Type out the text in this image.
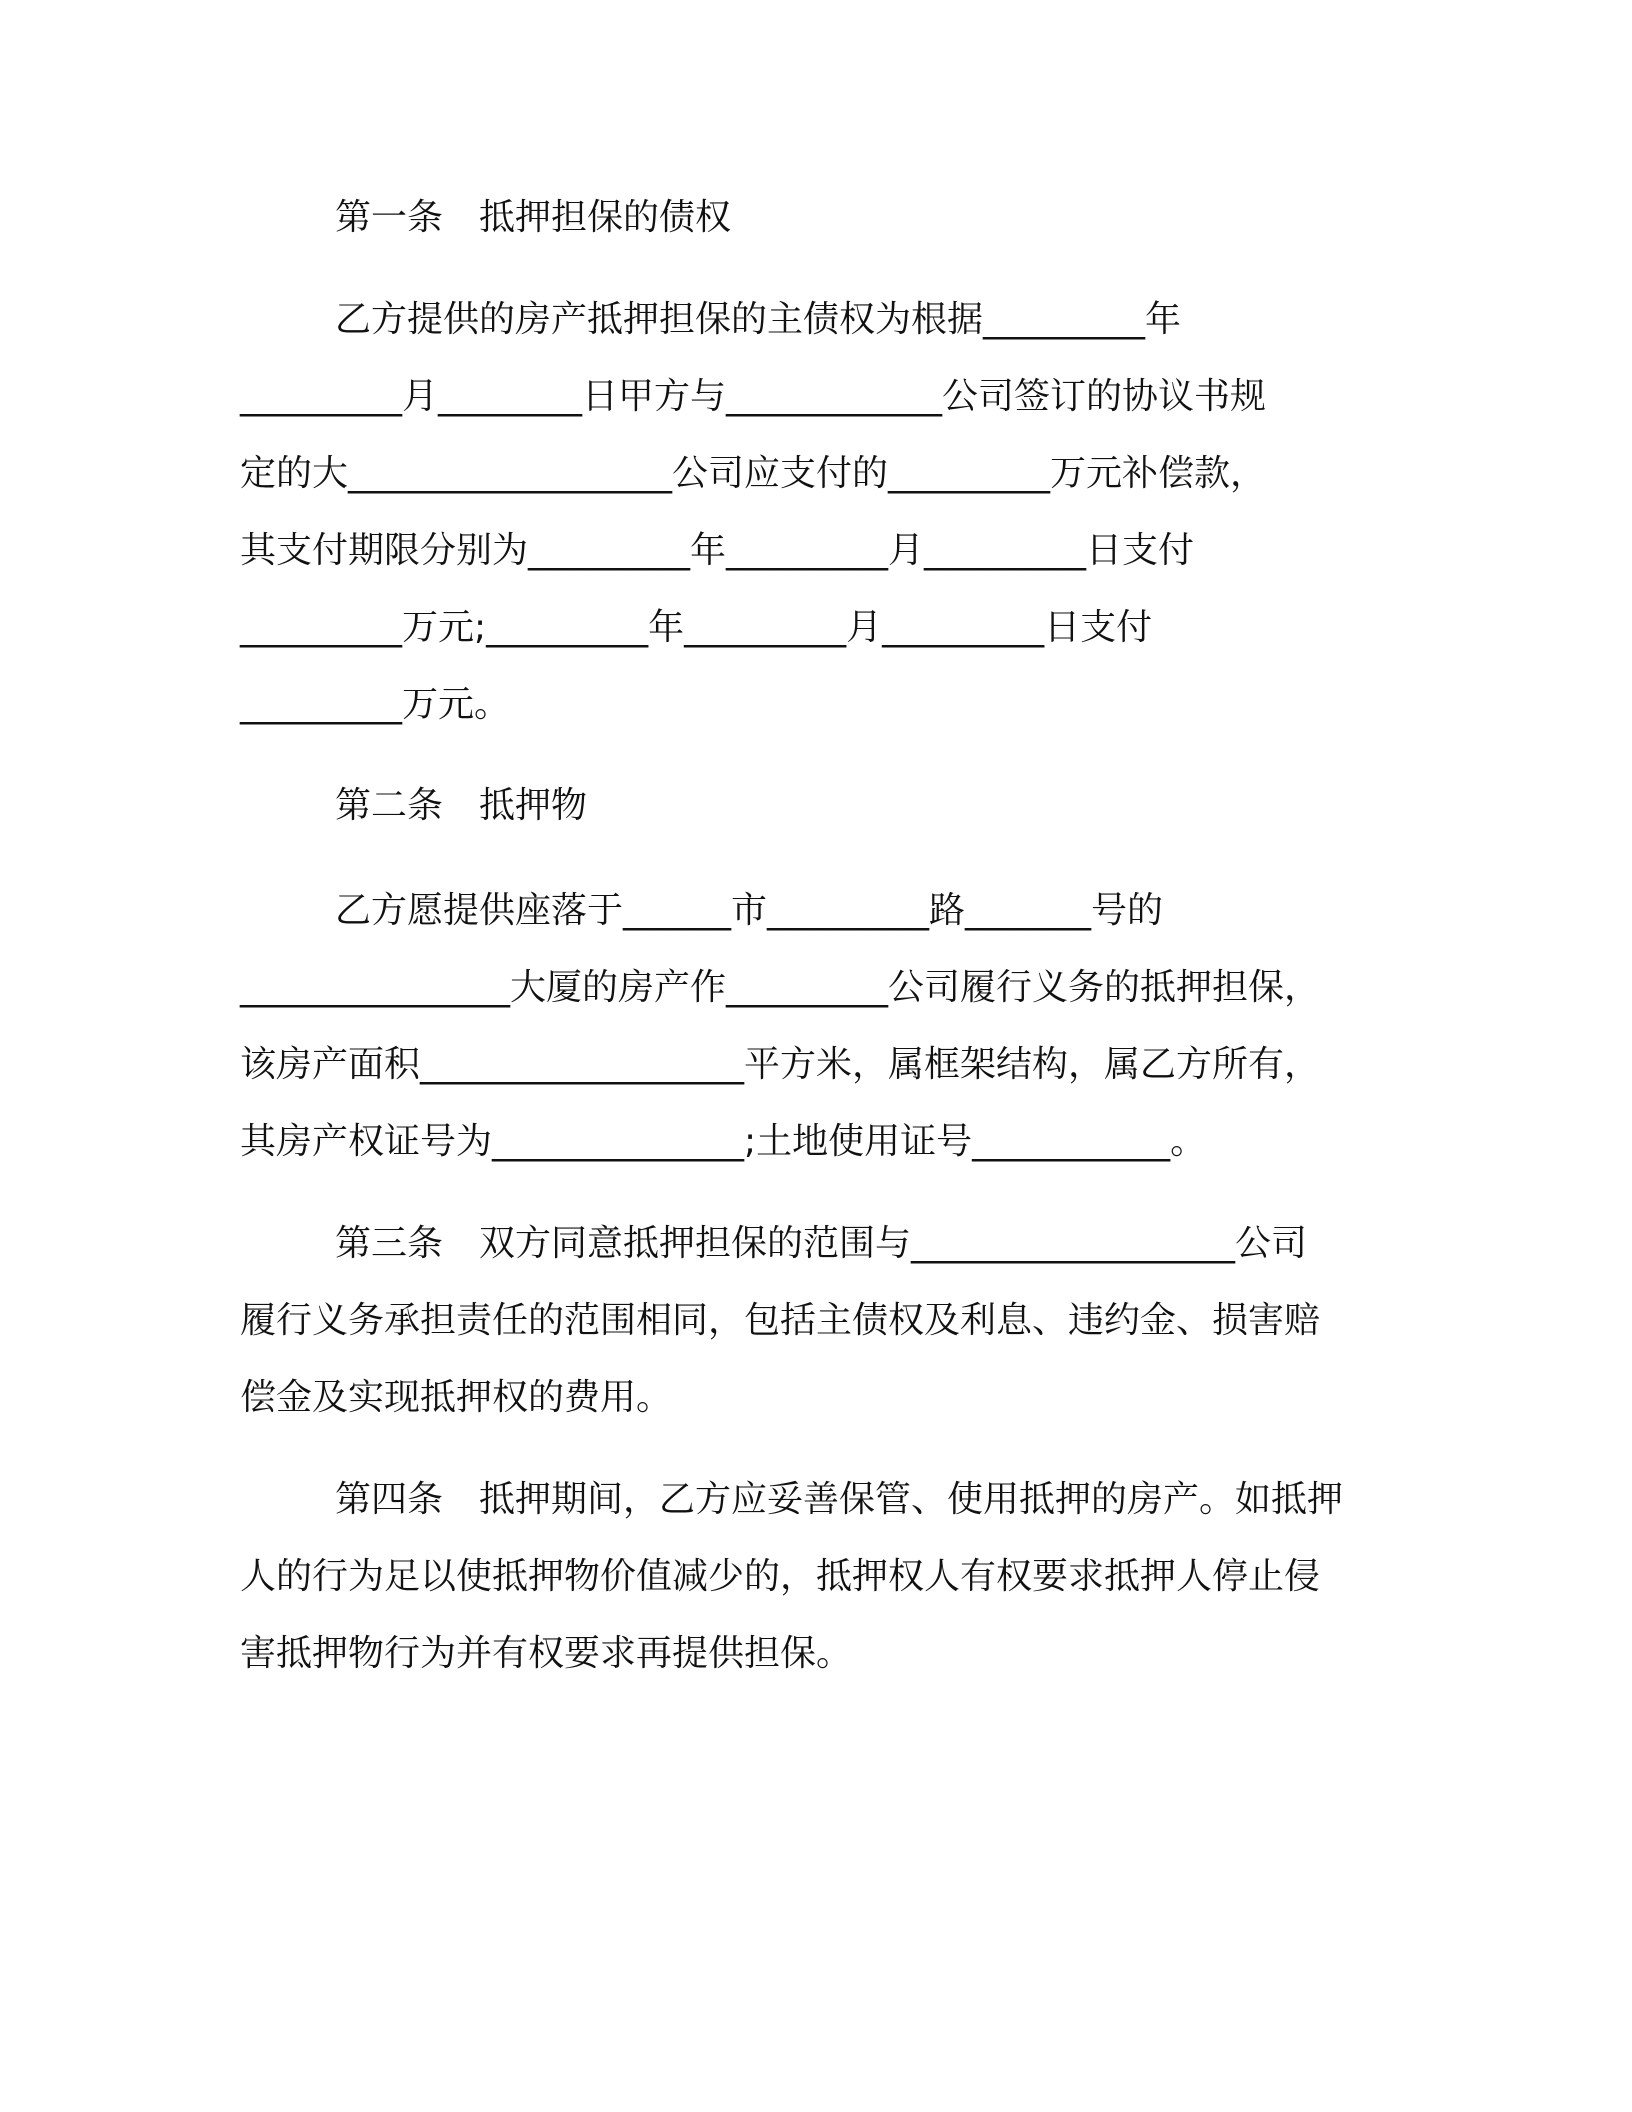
第一条　抵押担保的债权

乙方提供的房产抵押担保的主债权为根据_________年

_________月________日甲方与____________公司签订的协议书规

定的大__________________公司应支付的_________万元补偿款，

其支付期限分别为_________年_________月_________日支付

_________万元;_________年_________月_________日支付

_________万元。

第二条　抵押物

乙方愿提供座落于______市_________路_______号的

_______________大厦的房产作_________公司履行义务的抵押担保，

该房产面积__________________平方米，属框架结构，属乙方所有，

其房产权证号为______________;土地使用证号___________。

第三条　双方同意抵押担保的范围与__________________公司

履行义务承担责任的范围相同，包括主债权及利息、违约金、损害赔

偿金及实现抵押权的费用。

第四条　抵押期间，乙方应妥善保管、使用抵押的房产。如抵押

人的行为足以使抵押物价值减少的，抵押权人有权要求抵押人停止侵

害抵押物行为并有权要求再提供担保。
